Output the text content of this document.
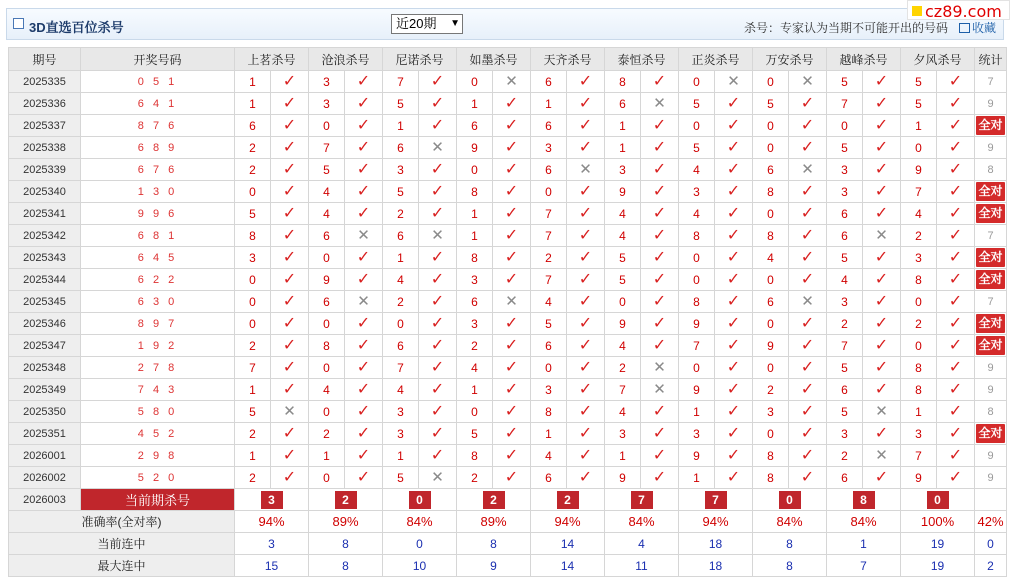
3D直选百位杀号	近20期 ▼	杀号：专家认为当期不可能开出的号码	收藏
cz89.com
期号	开奖号码	上茗杀号		沧浪杀号		尼诺杀号		如墨杀号		天齐杀号		泰恒杀号		正炎杀号		万安杀号		越峰杀号		夕风杀号		统计
2025335	0 5 1	1	✓	3	✓	7	✓	0	✕	6	✓	8	✓	0	✕	0	✕	5	✓	5	✓	7
2025336	6 4 1	1	✓	3	✓	5	✓	1	✓	1	✓	6	✕	5	✓	5	✓	7	✓	5	✓	9
2025337	8 7 6	6	✓	0	✓	1	✓	6	✓	6	✓	1	✓	0	✓	0	✓	0	✓	1	✓	全对
2025338	6 8 9	2	✓	7	✓	6	✕	9	✓	3	✓	1	✓	5	✓	0	✓	5	✓	0	✓	9
2025339	6 7 6	2	✓	5	✓	3	✓	0	✓	6	✕	3	✓	4	✓	6	✕	3	✓	9	✓	8
2025340	1 3 0	0	✓	4	✓	5	✓	8	✓	0	✓	9	✓	3	✓	8	✓	3	✓	7	✓	全对
2025341	9 9 6	5	✓	4	✓	2	✓	1	✓	7	✓	4	✓	4	✓	0	✓	6	✓	4	✓	全对
2025342	6 8 1	8	✓	6	✕	6	✕	1	✓	7	✓	4	✓	8	✓	8	✓	6	✕	2	✓	7
2025343	6 4 5	3	✓	0	✓	1	✓	8	✓	2	✓	5	✓	0	✓	4	✓	5	✓	3	✓	全对
2025344	6 2 2	0	✓	9	✓	4	✓	3	✓	7	✓	5	✓	0	✓	0	✓	4	✓	8	✓	全对
2025345	6 3 0	0	✓	6	✕	2	✓	6	✕	4	✓	0	✓	8	✓	6	✕	3	✓	0	✓	7
2025346	8 9 7	0	✓	0	✓	0	✓	3	✓	5	✓	9	✓	9	✓	0	✓	2	✓	2	✓	全对
2025347	1 9 2	2	✓	8	✓	6	✓	2	✓	6	✓	4	✓	7	✓	9	✓	7	✓	0	✓	全对
2025348	2 7 8	7	✓	0	✓	7	✓	4	✓	0	✓	2	✕	0	✓	0	✓	5	✓	8	✓	9
2025349	7 4 3	1	✓	4	✓	4	✓	1	✓	3	✓	7	✕	9	✓	2	✓	6	✓	8	✓	9
2025350	5 8 0	5	✕	0	✓	3	✓	0	✓	8	✓	4	✓	1	✓	3	✓	5	✕	1	✓	8
2025351	4 5 2	2	✓	2	✓	3	✓	5	✓	1	✓	3	✓	3	✓	0	✓	3	✓	3	✓	全对
2026001	2 9 8	1	✓	1	✓	1	✓	8	✓	4	✓	1	✓	9	✓	8	✓	2	✕	7	✓	9
2026002	5 2 0	2	✓	0	✓	5	✕	2	✓	6	✓	9	✓	1	✓	8	✓	6	✓	9	✓	9
2026003	当前期杀号	3		2		0		2		2		7		7		0		8		0		
准确率(全对率)		94%		89%		84%		89%		94%		84%		94%		84%		84%		100%		42%
当前连中		3		8		0		8		14		4		18		8		1		19		0
最大连中		15		8		10		9		14		11		18		8		7		19		2
